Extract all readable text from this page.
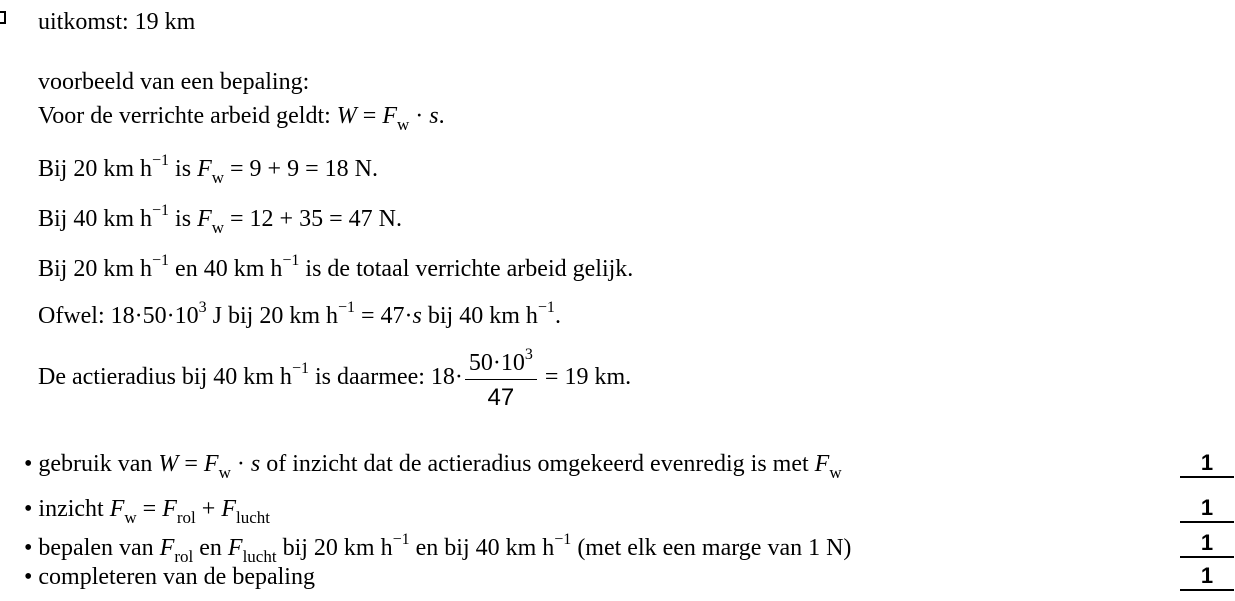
uitkomst: 19 km
voorbeeld van een bepaling:
Voor de verrichte arbeid geldt: $W = F_w \cdot s$.
Bij 20 km $h^{-1}$ is $F_w = 9 + 9 = 18$ N.
Bij 40 km $h^{-1}$ is $F_w = 12 + 35 = 47$ N.
Bij 20 km $h^{-1}$ en 40 km $h^{-1}$ is de totaal verrichte arbeid gelijk.
Ofwel: $18\cdot 50\cdot 10^3$ J bij 20 km $h^{-1} = 47\cdot s$ bij 40 km $h^{-1}$.
De actieradius bij 40 km $h^{-1}$ is daarmee: $18\cdot \frac{50\cdot 10^3}{47} = 19$ km.
• gebruik van $W = F_w \cdot s$ of inzicht dat de actieradius omgekeerd evenredig is met $F_w$	1
• inzicht $F_w = F_{rol} + F_{lucht}$	1
• bepalen van $F_{rol}$ en $F_{lucht}$ bij 20 km $h^{-1}$ en bij 40 km $h^{-1}$ (met elk een marge van 1 N)	1
• completeren van de bepaling	1
